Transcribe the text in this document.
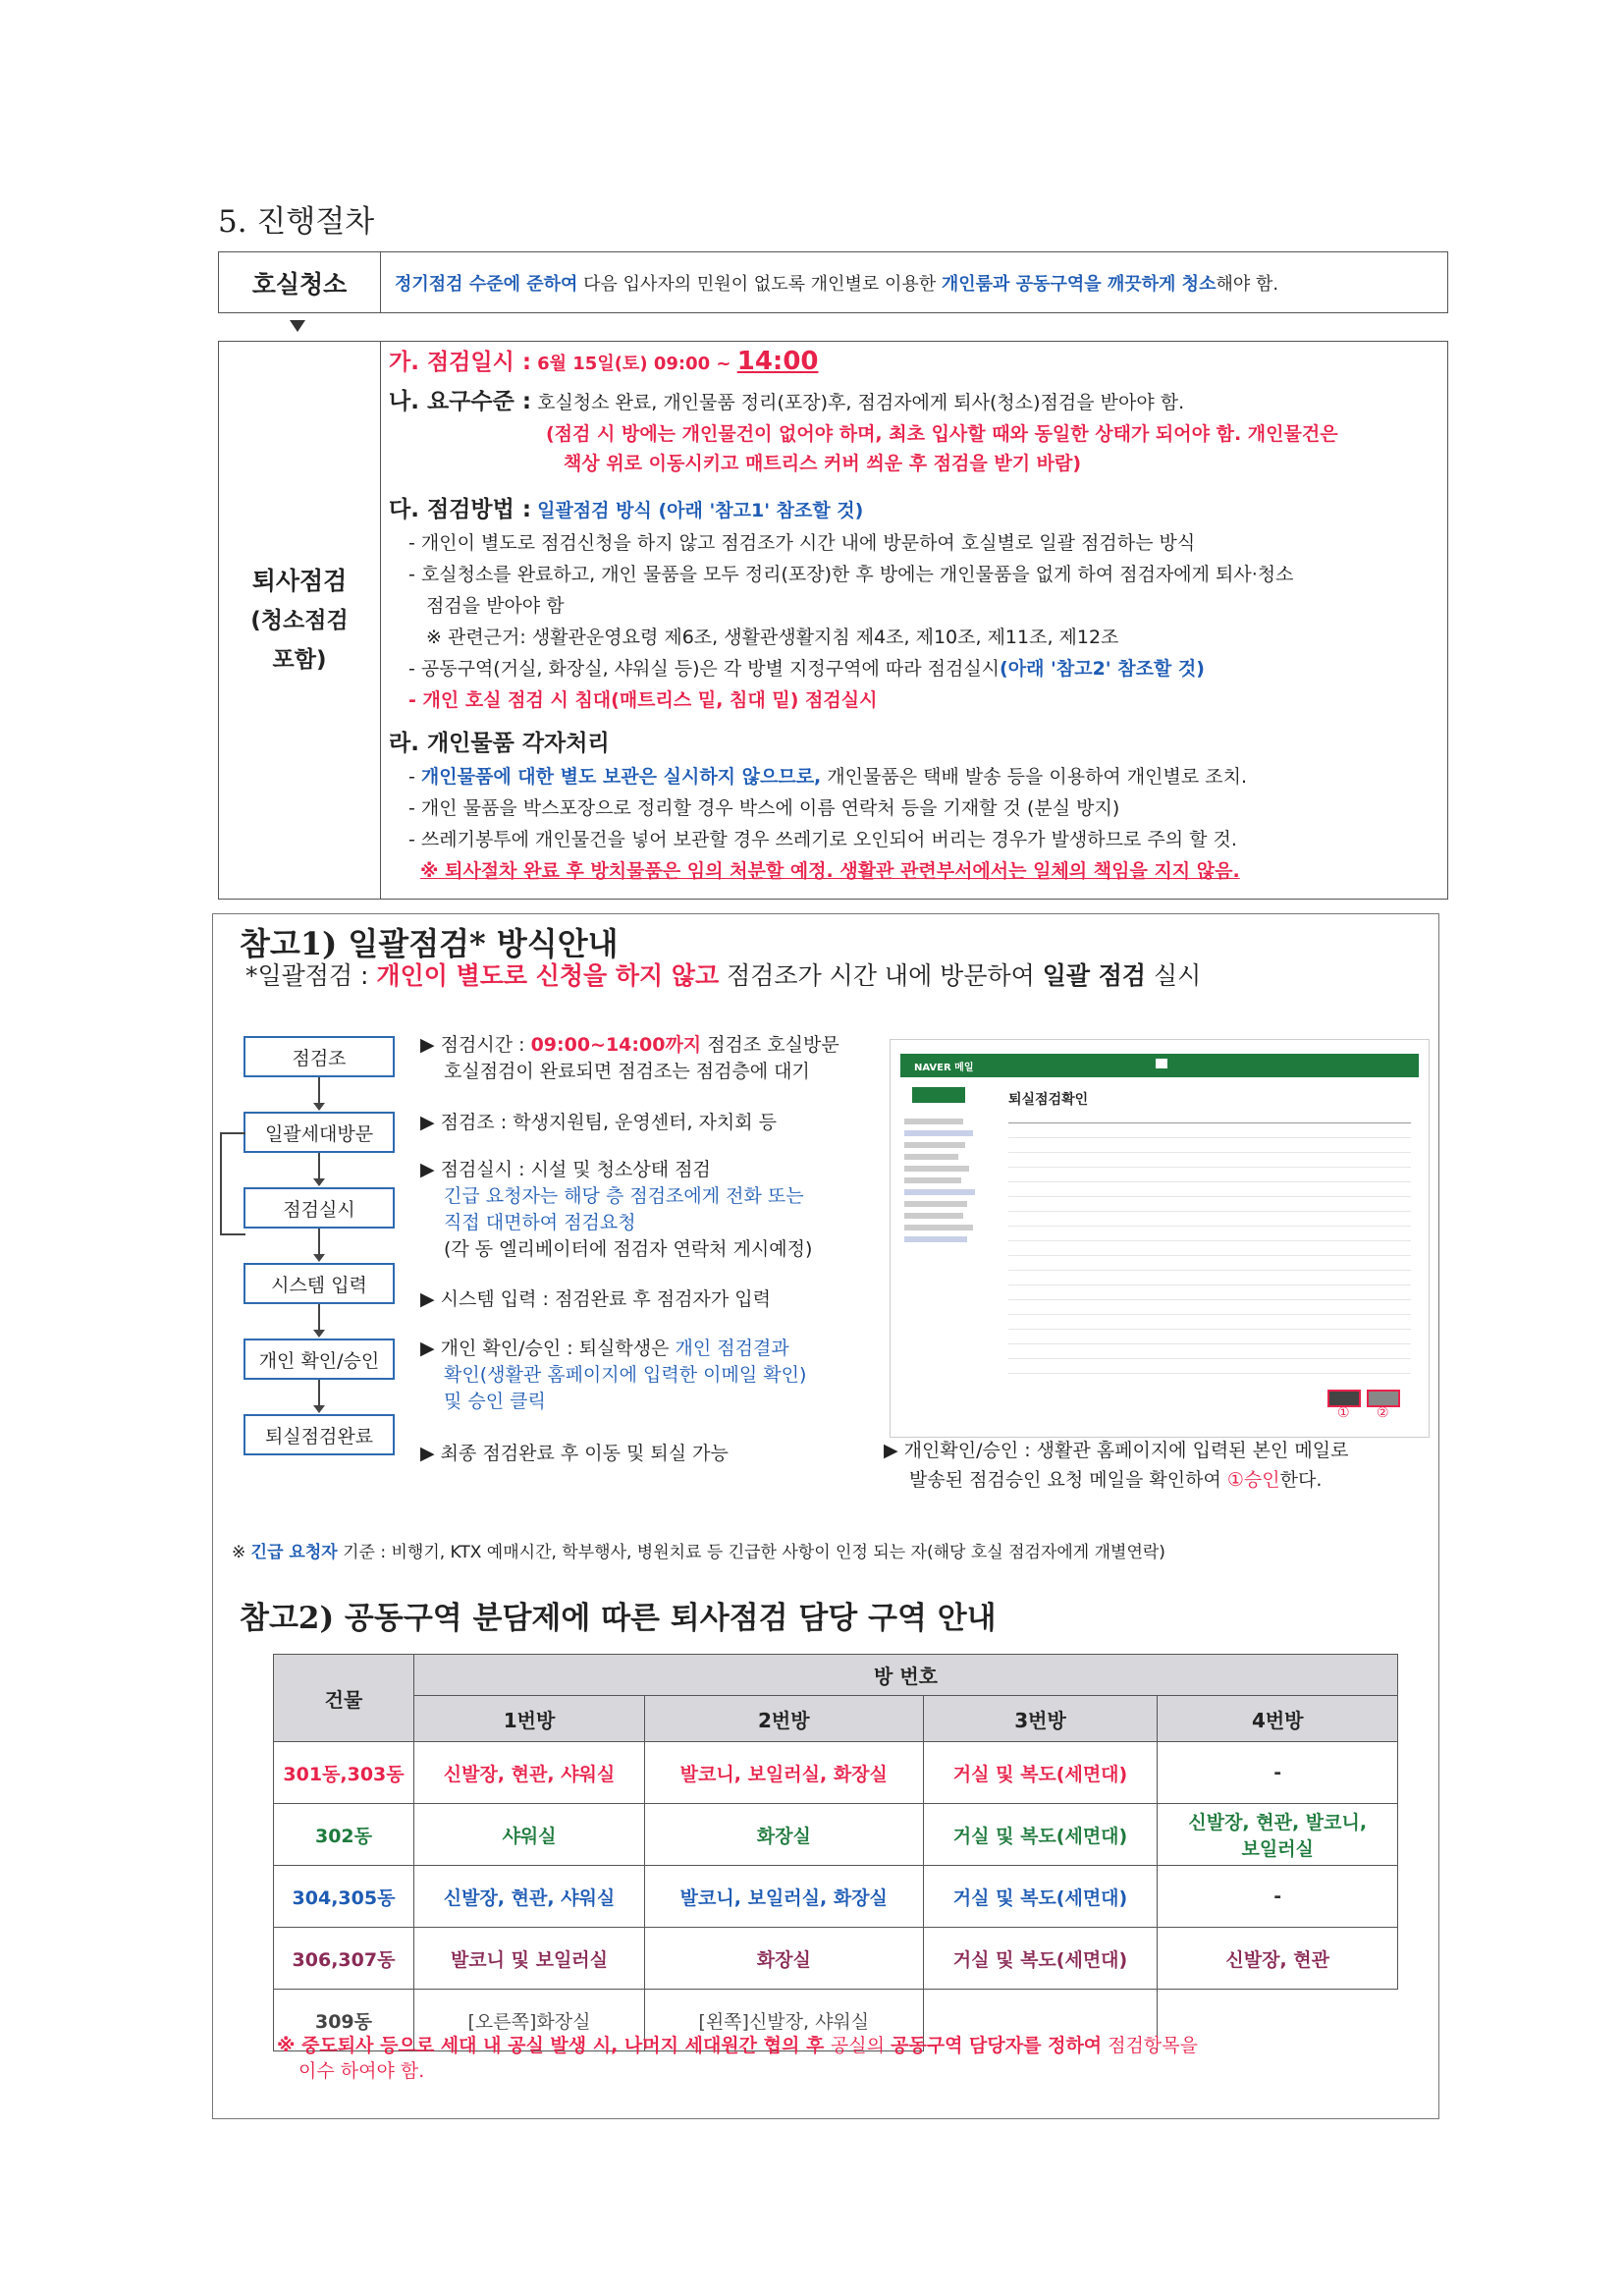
5. 진행절차
호실청소	정기점검 수준에 준하여 다음 입사자의 민원이 없도록 개인별로 이용한 개인룸과 공동구역을 깨끗하게 청소 해야 함.
퇴사점검
(청소점검
포함)
가. 점검일시 : 6월 15일(토) 09:00 ~ 14:00
나. 요구수준 : 호실청소 완료, 개인물품 정리(포장)후, 점검자에게 퇴사(청소)점검을 받아야 함.
(점검 시 방에는 개인물건이 없어야 하며, 최초 입사할 때와 동일한 상태가 되어야 함. 개인물건은
책상 위로 이동시키고 매트리스 커버 씌운 후 점검을 받기 바람)
다. 점검방법 : 일괄점검 방식 (아래 '참고1' 참조할 것)
- 개인이 별도로 점검신청을 하지 않고 점검조가 시간 내에 방문하여 호실별로 일괄 점검하는 방식
- 호실청소를 완료하고, 개인 물품을 모두 정리(포장)한 후 방에는 개인물품을 없게 하여 점검자에게 퇴사·청소
점검을 받아야 함
※ 관련근거: 생활관운영요령 제6조, 생활관생활지침 제4조, 제10조, 제11조, 제12조
- 공동구역(거실, 화장실, 샤워실 등)은 각 방별 지정구역에 따라 점검실시(아래 '참고2' 참조할 것)
- 개인 호실 점검 시 침대(매트리스 밑, 침대 밑) 점검실시
라. 개인물품 각자처리
- 개인물품에 대한 별도 보관은 실시하지 않으므로, 개인물품은 택배 발송 등을 이용하여 개인별로 조치.
- 개인 물품을 박스포장으로 정리할 경우 박스에 이름 연락처 등을 기재할 것 (분실 방지)
- 쓰레기봉투에 개인물건을 넣어 보관할 경우 쓰레기로 오인되어 버리는 경우가 발생하므로 주의 할 것.
※ 퇴사절차 완료 후 방치물품은 임의 처분할 예정. 생활관 관련부서에서는 일체의 책임을 지지 않음.
참고1) 일괄점검* 방식안내
*일괄점검 : 개인이 별도로 신청을 하지 않고 점검조가 시간 내에 방문하여 일괄 점검 실시
점검조
일괄세대방문
점검실시
시스템 입력
개인 확인/승인
퇴실점검완료
▶ 점검시간 : 09:00~14:00까지 점검조 호실방문
호실점검이 완료되면 점검조는 점검층에 대기
▶ 점검조 : 학생지원팀, 운영센터, 자치회 등
▶ 점검실시 : 시설 및 청소상태 점검
긴급 요청자는 해당 층 점검조에게 전화 또는
직접 대면하여 점검요청
(각 동 엘리베이터에 점검자 연락처 게시예정)
▶ 시스템 입력 : 점검완료 후 점검자가 입력
▶ 개인 확인/승인 : 퇴실학생은 개인 점검결과
확인(생활관 홈페이지에 입력한 이메일 확인)
및 승인 클릭
▶ 최종 점검완료 후 이동 및 퇴실 가능
NAVER 메일
퇴실점검확인
① ②
▶ 개인확인/승인 : 생활관 홈페이지에 입력된 본인 메일로
발송된 점검승인 요청 메일을 확인하여 ①승인한다.
※ 긴급 요청자 기준 : 비행기, KTX 예매시간, 학부행사, 병원치료 등 긴급한 사항이 인정 되는 자(해당 호실 점검자에게 개별연락)
참고2) 공동구역 분담제에 따른 퇴사점검 담당 구역 안내
건물	방 번호			
	1번방	2번방	3번방	4번방
301동,303동	신발장, 현관, 샤워실	발코니, 보일러실, 화장실	거실 및 복도(세면대)	-
302동	샤워실	화장실	거실 및 복도(세면대)	신발장, 현관, 발코니,
보일러실
304,305동	신발장, 현관, 샤워실	발코니, 보일러실, 화장실	거실 및 복도(세면대)	-
306,307동	발코니 및 보일러실	화장실	거실 및 복도(세면대)	신발장, 현관
309동	[오른쪽]화장실	[왼쪽]신발장, 샤워실		
※ 중도퇴사 등으로 세대 내 공실 발생 시, 나머지 세대원간 협의 후 공실의 공동구역 담당자를 정하여 점검항목을
이수 하여야 함.
